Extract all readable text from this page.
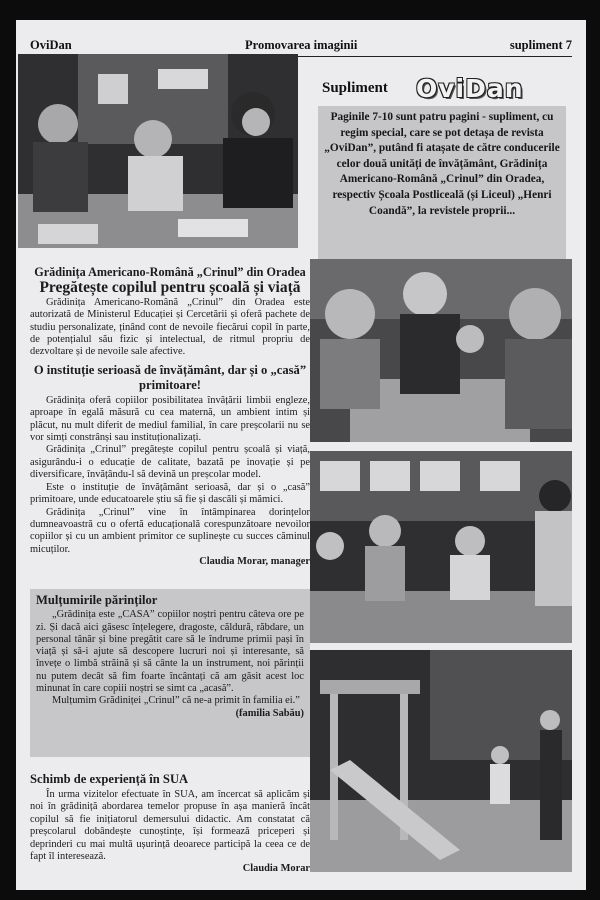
OviDan	Promovarea imaginii	supliment 7
Supliment OviDan
Paginile 7-10 sunt patru pagini - supliment, cu regim special, care se pot detașa de revista „OviDan”, putând fi atașate de către conducerile celor două unități de învățământ, Grădinița Americano-Română „Crinul” din Oradea, respectiv Școala Postliceală (și Liceul) „Henri Coandă”, la revistele proprii...

Grădinița Americano-Română „Crinul” din Oradea

Pregătește copilul pentru școală și viață

Grădinița Americano-Română „Crinul” din Oradea este autorizată de Ministerul Educației și Cercetării și oferă pachete de studiu personalizate, ținând cont de nevoile fiecărui copil în parte, de potențialul său fizic și intelectual, de ritmul propriu de dezvoltare și de nevoile sale afective.

O instituție serioasă de învățământ, dar și o „casă” primitoare!

Grădinița oferă copiilor posibilitatea învățării limbii engleze, aproape în egală măsură cu cea maternă, un ambient intim și plăcut, nu mult diferit de mediul familial, în care preșcolarii nu se vor simți constrânși sau instituționalizați.

Grădinița „Crinul” pregătește copilul pentru școală și viață, asigurându-i o educație de calitate, bazată pe inovație și pe diversificare, învățându-l să devină un preșcolar model.

Este o instituție de învățământ serioasă, dar și o „casă” primitoare, unde educatoarele știu să fie și dascăli și mămici.

Grădinița „Crinul” vine în întâmpinarea dorințelor dumneavoastră cu o ofertă educațională corespunzătoare nevoilor copiilor și cu un ambient primitor ce suplinește cu succes căminul micuților.

Claudia Morar, manager

Mulțumirile părinților

„Grădinița este „CASA” copiilor noștri pentru câteva ore pe zi. Și dacă aici găsesc înțelegere, dragoste, căldură, răbdare, un personal tânăr și bine pregătit care să le îndrume primii pași în viață și să-i ajute să descopere lucruri noi și interesante, să învețe o limbă străină și să cânte la un instrument, noi părinții nu putem decât să fim foarte încântați că am găsit acest loc minunat în care copiii noștri se simt ca „acasă”.

Mulțumim Grădiniței „Crinul” că ne-a primit în familia ei.”

(familia Sabău)

Schimb de experiență în SUA

În urma vizitelor efectuate în SUA, am încercat să aplicăm și noi în grădiniță abordarea temelor propuse în așa manieră încât copilul să fie inițiatorul demersului didactic. Am constatat că preșcolarul dobândește cunoștințe, își formează priceperi și deprinderi cu mai multă ușurință deoarece participă la ceea ce de fapt îl interesează.

Claudia Morar
